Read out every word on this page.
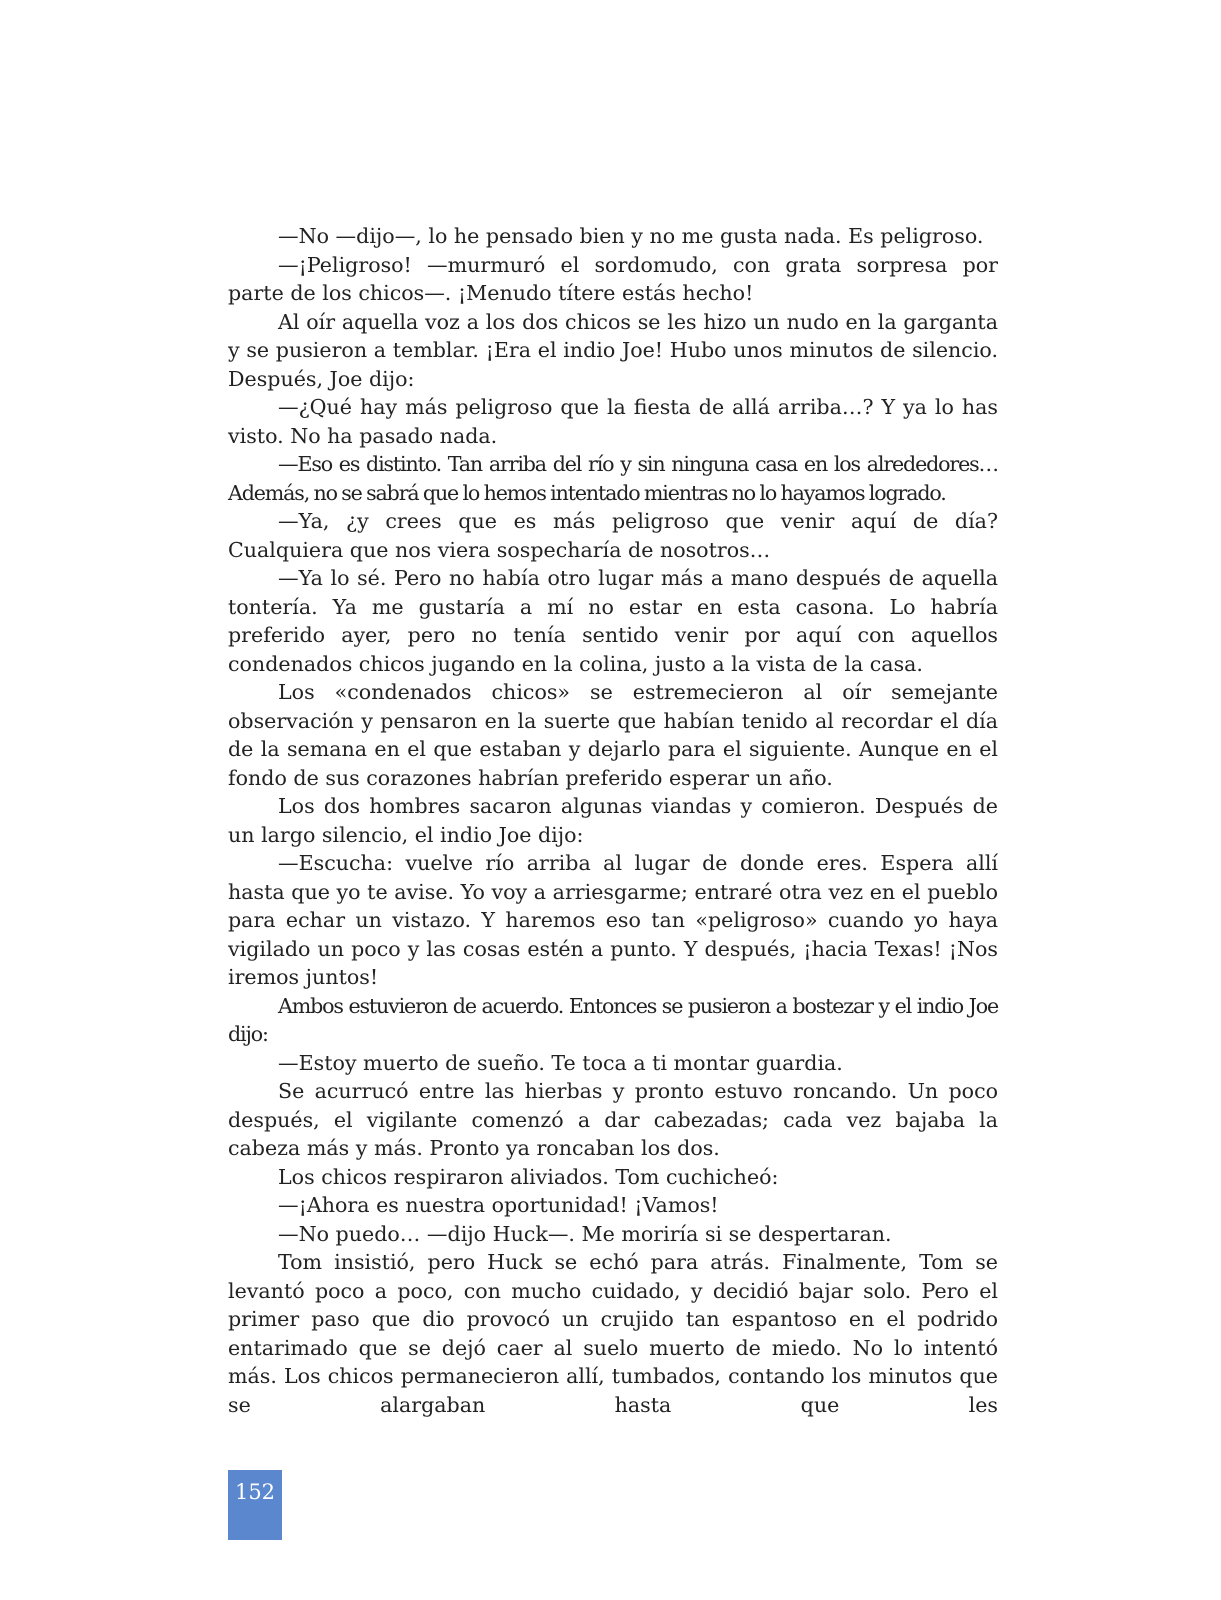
—No —dijo—, lo he pensado bien y no me gusta nada. Es peligroso.

—¡Peligroso! —murmuró el sordomudo, con grata sorpresa por parte de los chicos—. ¡Menudo títere estás hecho!

Al oír aquella voz a los dos chicos se les hizo un nudo en la garganta y se pusieron a temblar. ¡Era el indio Joe! Hubo unos minutos de silencio. Después, Joe dijo:

—¿Qué hay más peligroso que la fiesta de allá arriba…? Y ya lo has visto. No ha pasado nada.

—Eso es distinto. Tan arriba del río y sin ninguna casa en los alrededores… Además, no se sabrá que lo hemos intentado mientras no lo hayamos logrado.

—Ya, ¿y crees que es más peligroso que venir aquí de día? Cualquiera que nos viera sospecharía de nosotros…

—Ya lo sé. Pero no había otro lugar más a mano después de aquella tontería. Ya me gustaría a mí no estar en esta casona. Lo habría preferido ayer, pero no tenía sentido venir por aquí con aquellos condenados chicos jugando en la colina, justo a la vista de la casa.

Los «condenados chicos» se estremecieron al oír semejante observación y pensaron en la suerte que habían tenido al recordar el día de la semana en el que estaban y dejarlo para el siguiente. Aunque en el fondo de sus corazones habrían preferido esperar un año.

Los dos hombres sacaron algunas viandas y comieron. Después de un largo silencio, el indio Joe dijo:

—Escucha: vuelve río arriba al lugar de donde eres. Espera allí hasta que yo te avise. Yo voy a arriesgarme; entraré otra vez en el pueblo para echar un vistazo. Y haremos eso tan «peligroso» cuando yo haya vigilado un poco y las cosas estén a punto. Y después, ¡hacia Texas! ¡Nos iremos juntos!

Ambos estuvieron de acuerdo. Entonces se pusieron a bostezar y el indio Joe dijo:

—Estoy muerto de sueño. Te toca a ti montar guardia.

Se acurrucó entre las hierbas y pronto estuvo roncando. Un poco después, el vigilante comenzó a dar cabezadas; cada vez bajaba la cabeza más y más. Pronto ya roncaban los dos.

Los chicos respiraron aliviados. Tom cuchicheó:

—¡Ahora es nuestra oportunidad! ¡Vamos!

—No puedo… —dijo Huck—. Me moriría si se despertaran.

Tom insistió, pero Huck se echó para atrás. Finalmente, Tom se levantó poco a poco, con mucho cuidado, y decidió bajar solo. Pero el primer paso que dio provocó un crujido tan espantoso en el podrido entarimado que se dejó caer al suelo muerto de miedo. No lo intentó más. Los chicos permanecieron allí, tumbados, contando los minutos que se alargaban hasta que les

152
